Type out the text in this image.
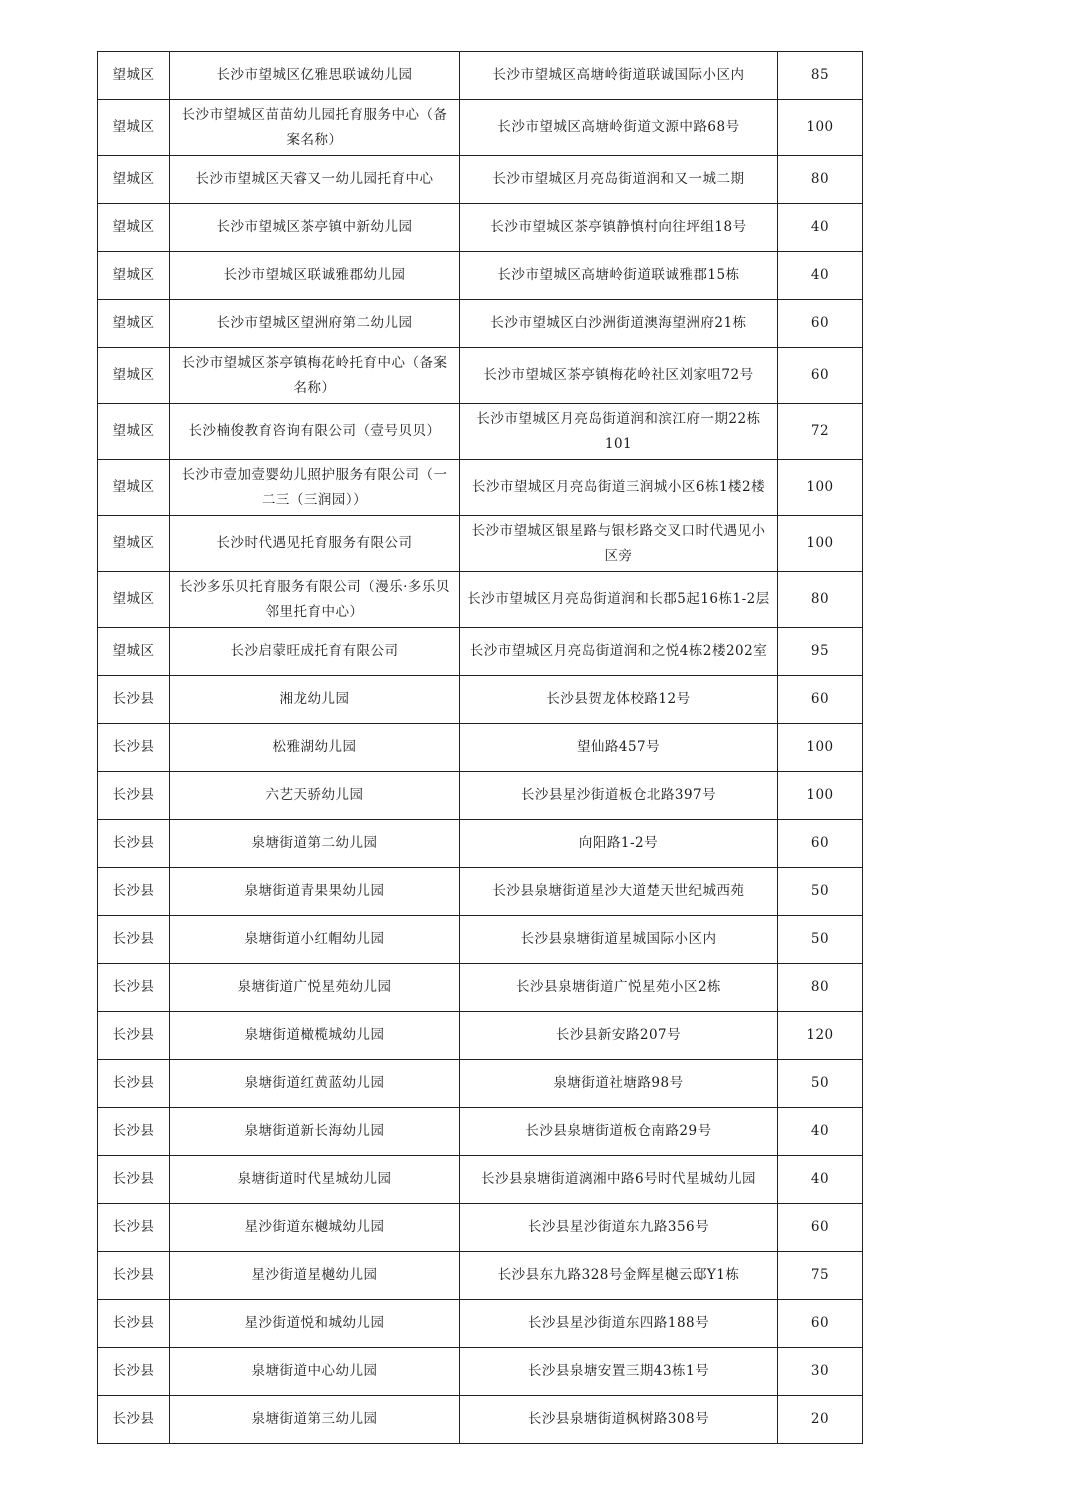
望城区	长沙市望城区亿雅思联诚幼儿园	长沙市望城区高塘岭街道联诚国际小区内	85
望城区	长沙市望城区苗苗幼儿园托育服务中心（备案名称）	长沙市望城区高塘岭街道文源中路68号	100
望城区	长沙市望城区天睿又一幼儿园托育中心	长沙市望城区月亮岛街道润和又一城二期	80
望城区	长沙市望城区茶亭镇中新幼儿园	长沙市望城区茶亭镇静慎村向往坪组18号	40
望城区	长沙市望城区联诚雅郡幼儿园	长沙市望城区高塘岭街道联诚雅郡15栋	40
望城区	长沙市望城区望洲府第二幼儿园	长沙市望城区白沙洲街道澳海望洲府21栋	60
望城区	长沙市望城区茶亭镇梅花岭托育中心（备案名称）	长沙市望城区茶亭镇梅花岭社区刘家咀72号	60
望城区	长沙楠俊教育咨询有限公司（壹号贝贝）	长沙市望城区月亮岛街道润和滨江府一期22栋101	72
望城区	长沙市壹加壹婴幼儿照护服务有限公司（一二三（三润园））	长沙市望城区月亮岛街道三润城小区6栋1楼2楼	100
望城区	长沙时代遇见托育服务有限公司	长沙市望城区银星路与银杉路交叉口时代遇见小区旁	100
望城区	长沙多乐贝托育服务有限公司（漫乐·多乐贝邻里托育中心）	长沙市望城区月亮岛街道润和长郡5起16栋1-2层	80
望城区	长沙启蒙旺成托育有限公司	长沙市望城区月亮岛街道润和之悦4栋2楼202室	95
长沙县	湘龙幼儿园	长沙县贺龙体校路12号	60
长沙县	松雅湖幼儿园	望仙路457号	100
长沙县	六艺天骄幼儿园	长沙县星沙街道板仓北路397号	100
长沙县	泉塘街道第二幼儿园	向阳路1-2号	60
长沙县	泉塘街道青果果幼儿园	长沙县泉塘街道星沙大道楚天世纪城西苑	50
长沙县	泉塘街道小红帽幼儿园	长沙县泉塘街道星城国际小区内	50
长沙县	泉塘街道广悦星苑幼儿园	长沙县泉塘街道广悦星苑小区2栋	80
长沙县	泉塘街道橄榄城幼儿园	长沙县新安路207号	120
长沙县	泉塘街道红黄蓝幼儿园	泉塘街道社塘路98号	50
长沙县	泉塘街道新长海幼儿园	长沙县泉塘街道板仓南路29号	40
长沙县	泉塘街道时代星城幼儿园	长沙县泉塘街道漓湘中路6号时代星城幼儿园	40
长沙县	星沙街道东樾城幼儿园	长沙县星沙街道东九路356号	60
长沙县	星沙街道星樾幼儿园	长沙县东九路328号金辉星樾云邸Y1栋	75
长沙县	星沙街道悦和城幼儿园	长沙县星沙街道东四路188号	60
长沙县	泉塘街道中心幼儿园	长沙县泉塘安置三期43栋1号	30
长沙县	泉塘街道第三幼儿园	长沙县泉塘街道枫树路308号	20
